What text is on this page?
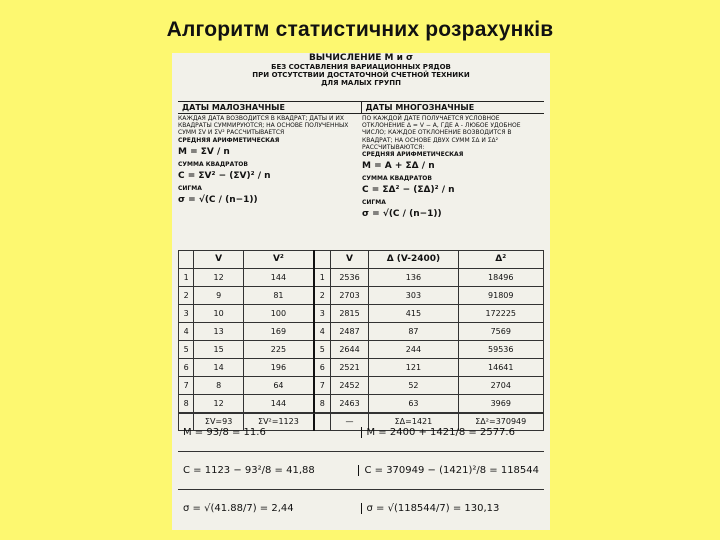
Алгоритм статистичних розрахунків
ВЫЧИСЛЕНИЕ M и σ
БЕЗ СОСТАВЛЕНИЯ ВАРИАЦИОННЫХ РЯДОВ
ПРИ ОТСУТСТВИИ ДОСТАТОЧНОЙ СЧЕТНОЙ ТЕХНИКИ
ДЛЯ МАЛЫХ ГРУПП
ДАТЫ МАЛОЗНАЧНЫЕ	ДАТЫ МНОГОЗНАЧНЫЕ
КАЖДАЯ ДАТА ВОЗВОДИТСЯ В КВАДРАТ; ДАТЫ И ИХ КВАДРАТЫ СУММИРУЮТСЯ; НА ОСНОВЕ ПОЛУЧЕННЫХ СУММ ΣV И ΣV² РАССЧИТЫВАЕТСЯ
СРЕДНЯЯ АРИФМЕТИЧЕСКАЯ
M = ΣV / n
СУММА КВАДРАТОВ
C = ΣV² − (ΣV)² / n
СИГМА
σ = √(C / (n−1))
ПО КАЖДОЙ ДАТЕ ПОЛУЧАЕТСЯ УСЛОВНОЕ ОТКЛОНЕНИЕ Δ = V − A, ГДЕ A - ЛЮБОЕ УДОБНОЕ ЧИСЛО; КАЖДОЕ ОТКЛОНЕНИЕ ВОЗВОДИТСЯ В КВАДРАТ; НА ОСНОВЕ ДВУХ СУММ ΣΔ И ΣΔ² РАССЧИТЫВАЮТСЯ:
СРЕДНЯЯ АРИФМЕТИЧЕСКАЯ
M = A + ΣΔ / n
СУММА КВАДРАТОВ
C = ΣΔ² − (ΣΔ)² / n
СИГМА
σ = √(C / (n−1))
	V	V²		V	Δ (V-2400)	Δ²
1	12	144	1	2536	136	18496
2	9	81	2	2703	303	91809
3	10	100	3	2815	415	172225
4	13	169	4	2487	87	7569
5	15	225	5	2644	244	59536
6	14	196	6	2521	121	14641
7	8	64	7	2452	52	2704
8	12	144	8	2463	63	3969
	ΣV=93	ΣV²=1123		—	ΣΔ=1421	ΣΔ²=370949
M = 93/8 = 11.6	M = 2400 + 1421/8 = 2577.6
C = 1123 − 93²/8 = 41,88	C = 370949 − (1421)²/8 = 118544
σ = √(41.88/7) = 2,44	σ = √(118544/7) = 130,13
